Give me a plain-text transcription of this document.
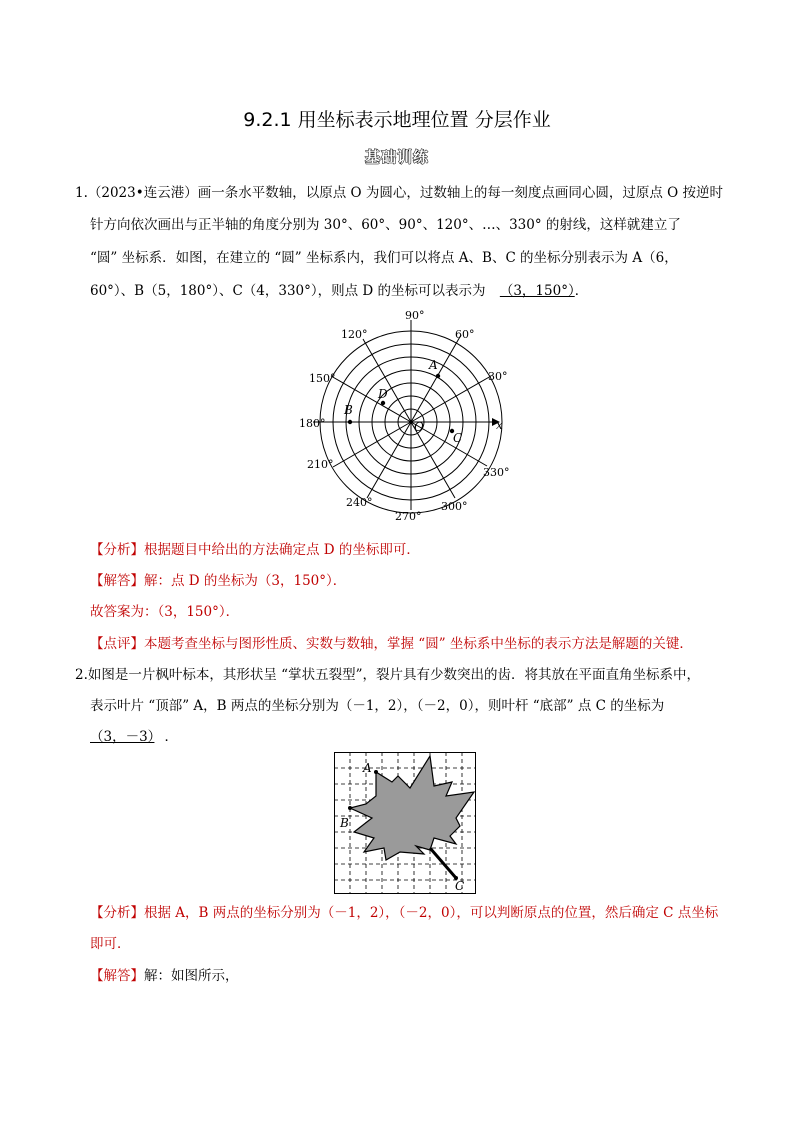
9.2.1 用坐标表示地理位置 分层作业
基础训练
1.（2023•连云港）画一条水平数轴，以原点 O 为圆心，过数轴上的每一刻度点画同心圆，过原点 O 按逆时
针方向依次画出与正半轴的角度分别为 30°、60°、90°、120°、…、330° 的射线，这样就建立了
“圆” 坐标系．如图，在建立的 “圆” 坐标系内，我们可以将点 A、B、C 的坐标分别表示为 A（6，
60°）、B（5，180°）、C（4，330°），则点 D 的坐标可以表示为 （3，150°）．
90°
60°
30°
330°
300°
270°
240°
210°
180°
150°
120°
A
B
C
D
O	x
【分析】根据题目中给出的方法确定点 D 的坐标即可．
【解答】解：点 D 的坐标为（3，150°）．
故答案为：（3，150°）．
【点评】本题考查坐标与图形性质、实数与数轴，掌握 “圆” 坐标系中坐标的表示方法是解题的关键．
2.如图是一片枫叶标本，其形状呈 “掌状五裂型”，裂片具有少数突出的齿．将其放在平面直角坐标系中，
表示叶片 “顶部” A，B 两点的坐标分别为（－1，2），（－2，0），则叶杆 “底部” 点 C 的坐标为
（3，－3） ．
A
B
C
【分析】根据 A，B 两点的坐标分别为（－1，2），（－2，0），可以判断原点的位置，然后确定 C 点坐标
即可．
【解答】解：如图所示，
